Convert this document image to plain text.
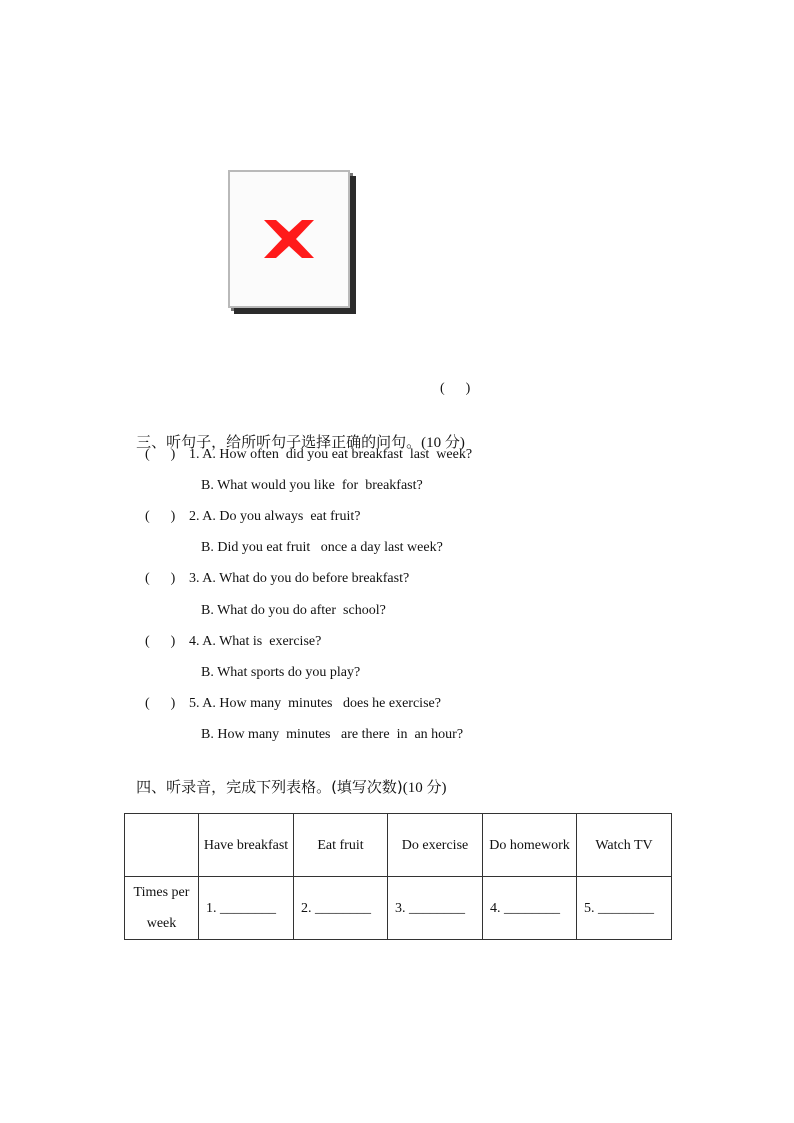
(      )

三、听句子，给所听句子选择正确的问句。(10 分)

(      ) 1. A. How often  did you eat breakfast  last  week?
B. What would you like  for  breakfast?
(      ) 2. A. Do you always  eat fruit?
B. Did you eat fruit   once a day last week?
(      ) 3. A. What do you do before breakfast?
B. What do you do after  school?
(      ) 4. A. What is  exercise?
B. What sports do you play?
(      ) 5. A. How many  minutes   does he exercise?
B. How many  minutes   are there  in  an hour?

四、听录音，完成下列表格。(填写次数)(10 分)

	Have breakfast	Eat fruit	Do exercise	Do homework	Watch TV
Times per week	1. ________	2. ________	3. ________	4. ________	5. ________
